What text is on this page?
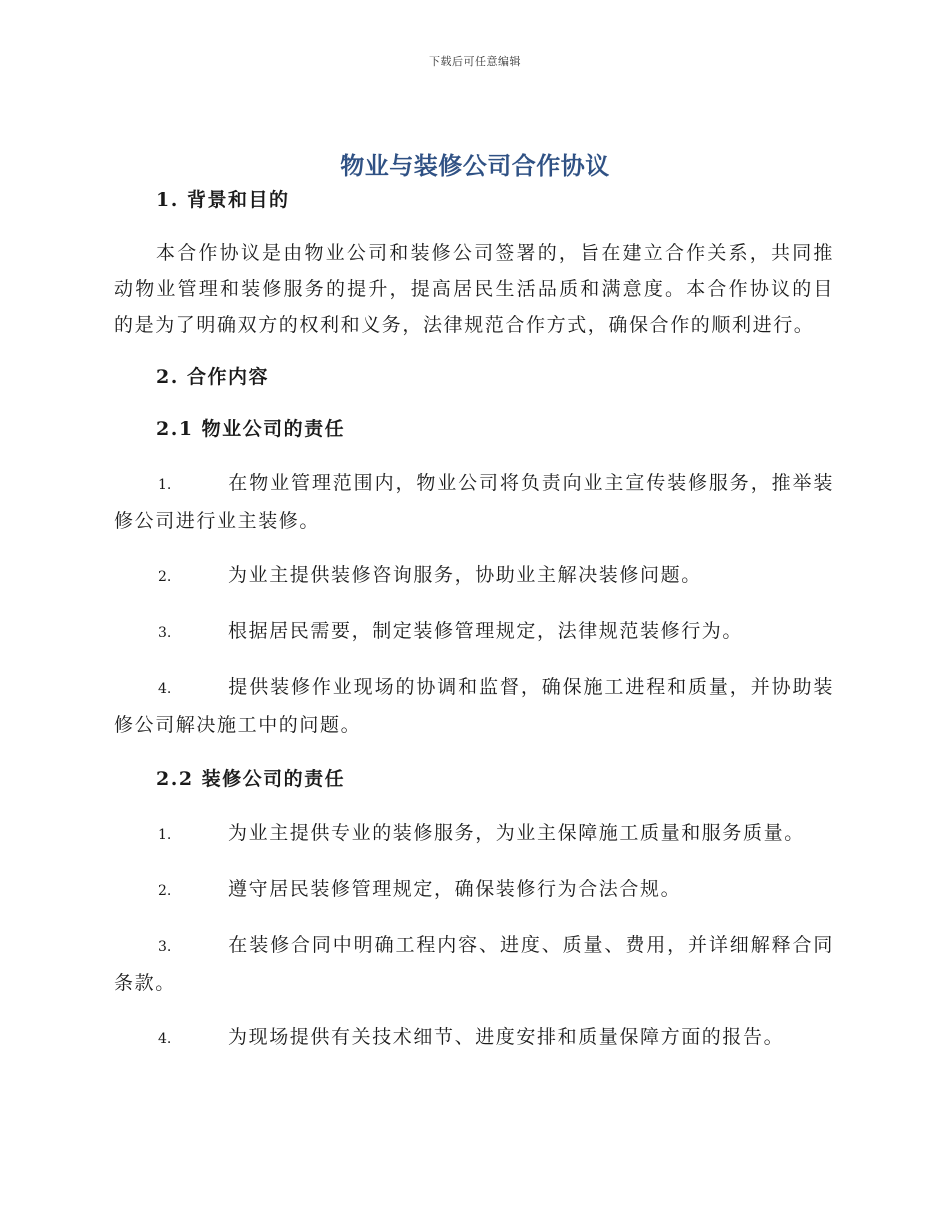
下载后可任意编辑
物业与装修公司合作协议
1. 背景和目的

本合作协议是由物业公司和装修公司签署的，旨在建立合作关系，共同推动物业管理和装修服务的提升，提高居民生活品质和满意度。本合作协议的目的是为了明确双方的权利和义务，法律规范合作方式，确保合作的顺利进行。

2. 合作内容
2.1 物业公司的责任

1.	在物业管理范围内，物业公司将负责向业主宣传装修服务，推举装修公司进行业主装修。

2.	为业主提供装修咨询服务，协助业主解决装修问题。

3.	根据居民需要，制定装修管理规定，法律规范装修行为。

4.	提供装修作业现场的协调和监督，确保施工进程和质量，并协助装修公司解决施工中的问题。

2.2 装修公司的责任

1.	为业主提供专业的装修服务，为业主保障施工质量和服务质量。

2.	遵守居民装修管理规定，确保装修行为合法合规。

3.	在装修合同中明确工程内容、进度、质量、费用，并详细解释合同条款。

4.	为现场提供有关技术细节、进度安排和质量保障方面的报告。
